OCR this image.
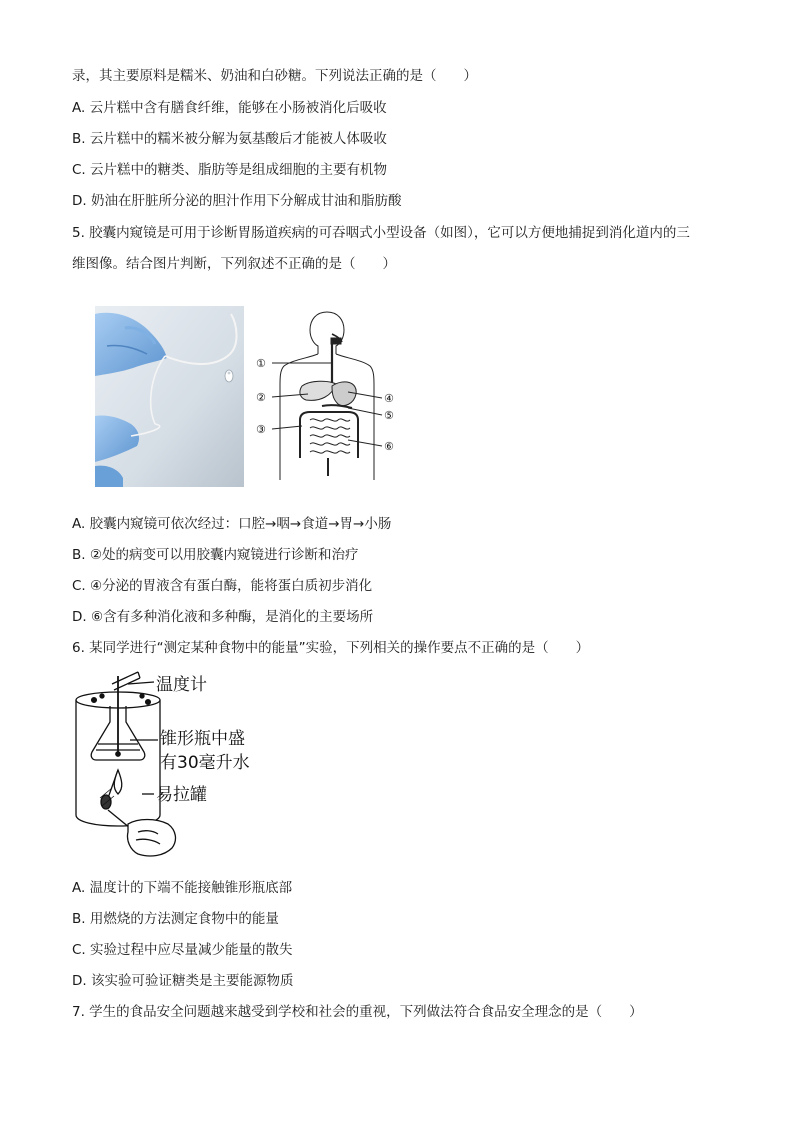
录，其主要原料是糯米、奶油和白砂糖。下列说法正确的是（　　）
A. 云片糕中含有膳食纤维，能够在小肠被消化后吸收
B. 云片糕中的糯米被分解为氨基酸后才能被人体吸收
C. 云片糕中的糖类、脂肪等是组成细胞的主要有机物
D. 奶油在肝脏所分泌的胆汁作用下分解成甘油和脂肪酸
5. 胶囊内窥镜是可用于诊断胃肠道疾病的可吞咽式小型设备（如图），它可以方便地捕捉到消化道内的三
维图像。结合图片判断，下列叙述不正确的是（　　）
①
②
③
④
⑤
⑥
A. 胶囊内窥镜可依次经过：口腔→咽→食道→胃→小肠
B. ②处的病变可以用胶囊内窥镜进行诊断和治疗
C. ④分泌的胃液含有蛋白酶，能将蛋白质初步消化
D. ⑥含有多种消化液和多种酶，是消化的主要场所
6. 某同学进行“测定某种食物中的能量”实验，下列相关的操作要点不正确的是（　　）
温度计
锥形瓶中盛
有30毫升水
易拉罐
A. 温度计的下端不能接触锥形瓶底部
B. 用燃烧的方法测定食物中的能量
C. 实验过程中应尽量减少能量的散失
D. 该实验可验证糖类是主要能源物质
7. 学生的食品安全问题越来越受到学校和社会的重视，下列做法符合食品安全理念的是（　　）
